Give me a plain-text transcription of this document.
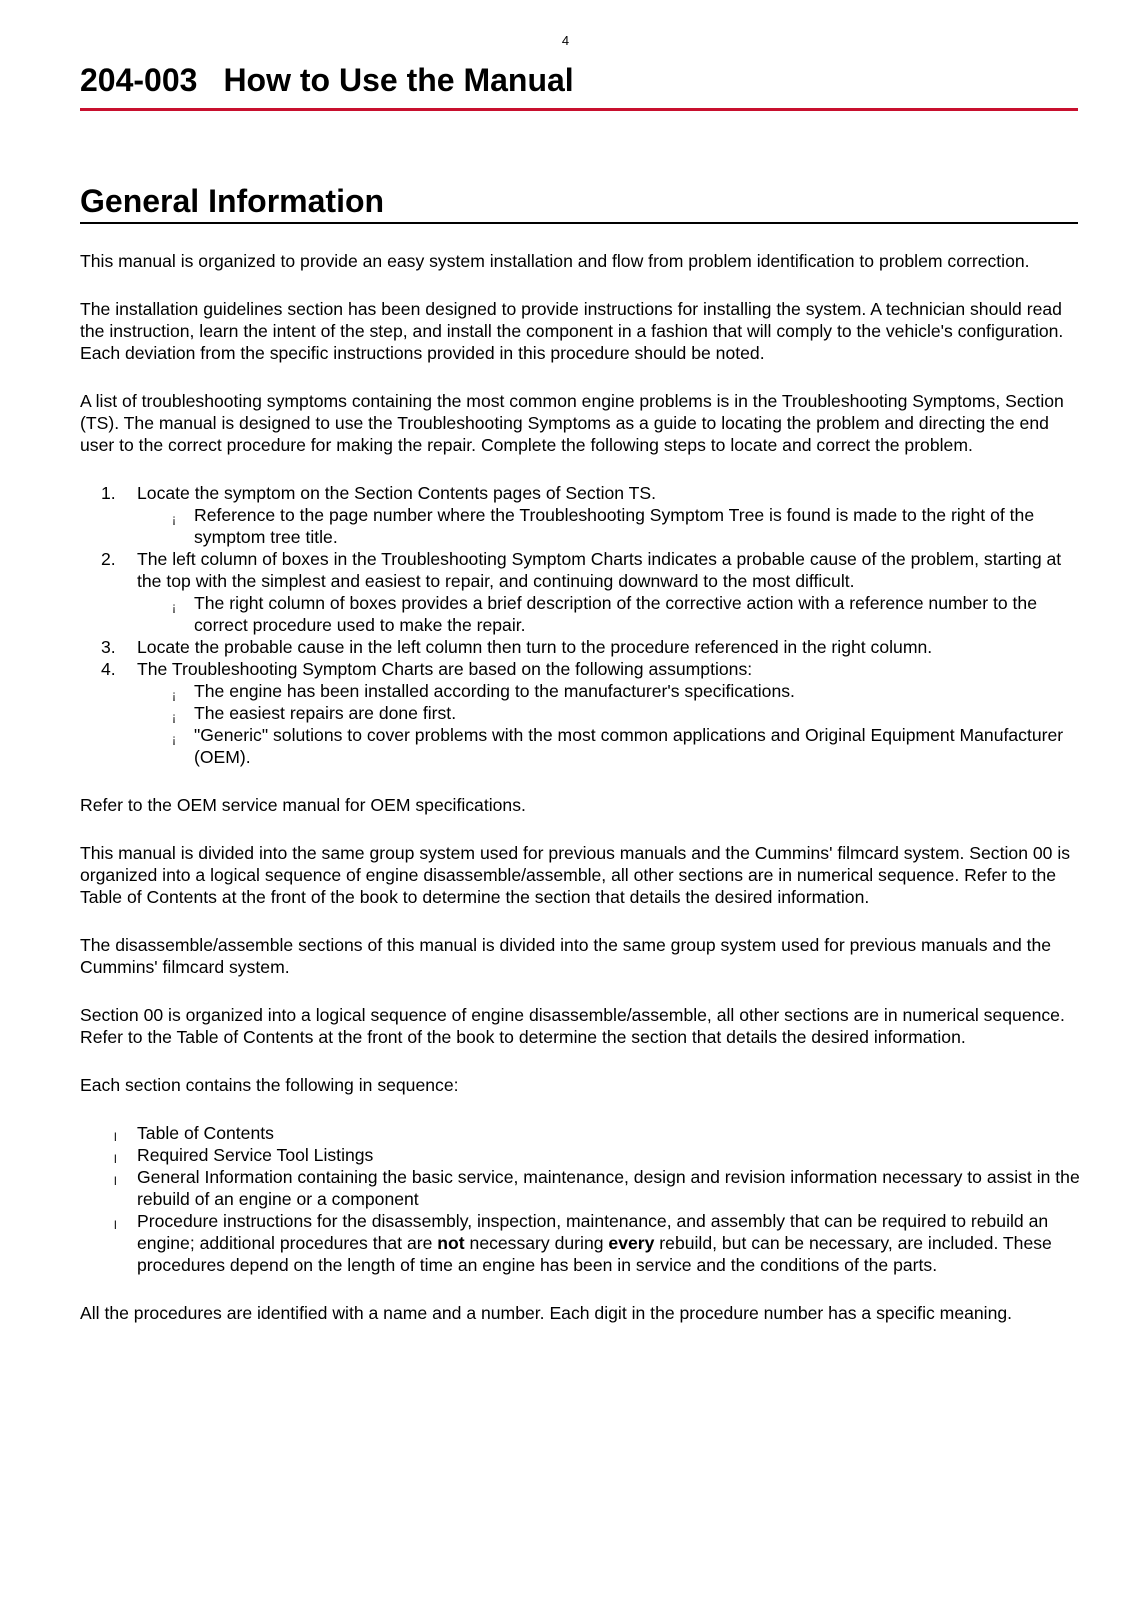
4
204-003 How to Use the Manual
General Information

This manual is organized to provide an easy system installation and flow from problem identification to problem correction.

The installation guidelines section has been designed to provide instructions for installing the system. A technician should read the instruction, learn the intent of the step, and install the component in a fashion that will comply to the vehicle's configuration. Each deviation from the specific instructions provided in this procedure should be noted.

A list of troubleshooting symptoms containing the most common engine problems is in the Troubleshooting Symptoms, Section (TS). The manual is designed to use the Troubleshooting Symptoms as a guide to locating the problem and directing the end user to the correct procedure for making the repair. Complete the following steps to locate and correct the problem.

1. Locate the symptom on the Section Contents pages of Section TS.
¡ Reference to the page number where the Troubleshooting Symptom Tree is found is made to the right of the symptom tree title.
2. The left column of boxes in the Troubleshooting Symptom Charts indicates a probable cause of the problem, starting at the top with the simplest and easiest to repair, and continuing downward to the most difficult.
¡ The right column of boxes provides a brief description of the corrective action with a reference number to the correct procedure used to make the repair.
3. Locate the probable cause in the left column then turn to the procedure referenced in the right column.
4. The Troubleshooting Symptom Charts are based on the following assumptions:
¡ The engine has been installed according to the manufacturer's specifications.
¡ The easiest repairs are done first.
¡ "Generic" solutions to cover problems with the most common applications and Original Equipment Manufacturer (OEM).

Refer to the OEM service manual for OEM specifications.

This manual is divided into the same group system used for previous manuals and the Cummins' filmcard system. Section 00 is organized into a logical sequence of engine disassemble/assemble, all other sections are in numerical sequence. Refer to the Table of Contents at the front of the book to determine the section that details the desired information.

The disassemble/assemble sections of this manual is divided into the same group system used for previous manuals and the Cummins' filmcard system.

Section 00 is organized into a logical sequence of engine disassemble/assemble, all other sections are in numerical sequence. Refer to the Table of Contents at the front of the book to determine the section that details the desired information.

Each section contains the following in sequence:

l Table of Contents
l Required Service Tool Listings
l General Information containing the basic service, maintenance, design and revision information necessary to assist in the rebuild of an engine or a component
l Procedure instructions for the disassembly, inspection, maintenance, and assembly that can be required to rebuild an engine; additional procedures that are not necessary during every rebuild, but can be necessary, are included. These procedures depend on the length of time an engine has been in service and the conditions of the parts.

All the procedures are identified with a name and a number. Each digit in the procedure number has a specific meaning.
